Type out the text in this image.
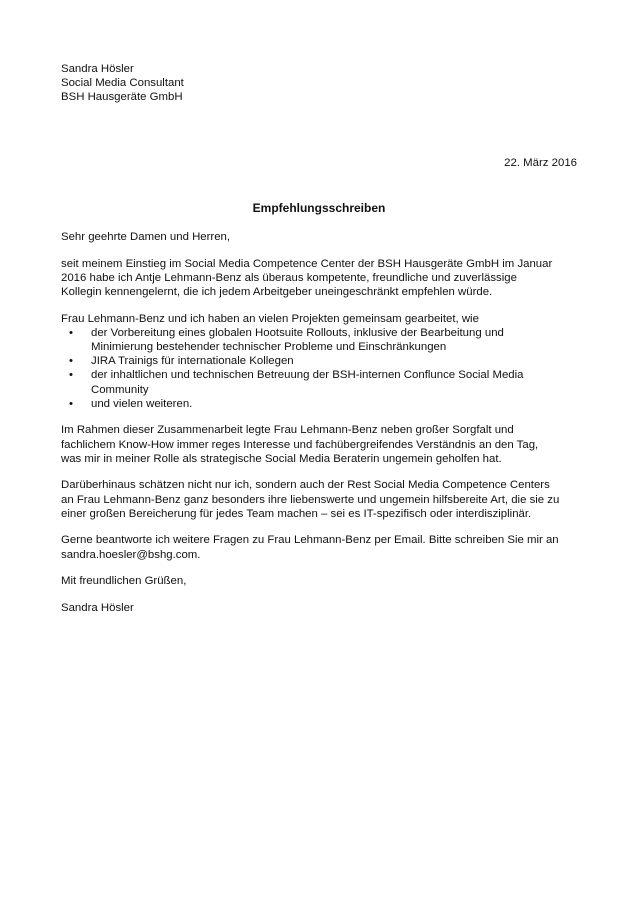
Sandra Hösler
Social Media Consultant
BSH Hausgeräte GmbH
22. März 2016
Empfehlungsschreiben

Sehr geehrte Damen und Herren,

seit meinem Einstieg im Social Media Competence Center der BSH Hausgeräte GmbH im Januar
2016 habe ich Antje Lehmann-Benz als überaus kompetente, freundliche und zuverlässige
Kollegin kennengelernt, die ich jedem Arbeitgeber uneingeschränkt empfehlen würde.

Frau Lehmann-Benz und ich haben an vielen Projekten gemeinsam gearbeitet, wie
• der Vorbereitung eines globalen Hootsuite Rollouts, inklusive der Bearbeitung und
Minimierung bestehender technischer Probleme und Einschränkungen
• JIRA Trainigs für internationale Kollegen
• der inhaltlichen und technischen Betreuung der BSH-internen Conflunce Social Media
Community
• und vielen weiteren.

Im Rahmen dieser Zusammenarbeit legte Frau Lehmann-Benz neben großer Sorgfalt und
fachlichem Know-How immer reges Interesse und fachübergreifendes Verständnis an den Tag,
was mir in meiner Rolle als strategische Social Media Beraterin ungemein geholfen hat.

Darüberhinaus schätzen nicht nur ich, sondern auch der Rest Social Media Competence Centers
an Frau Lehmann-Benz ganz besonders ihre liebenswerte und ungemein hilfsbereite Art, die sie zu
einer großen Bereicherung für jedes Team machen – sei es IT-spezifisch oder interdisziplinär.

Gerne beantworte ich weitere Fragen zu Frau Lehmann-Benz per Email. Bitte schreiben Sie mir an
sandra.hoesler@bshg.com.

Mit freundlichen Grüßen,

Sandra Hösler
